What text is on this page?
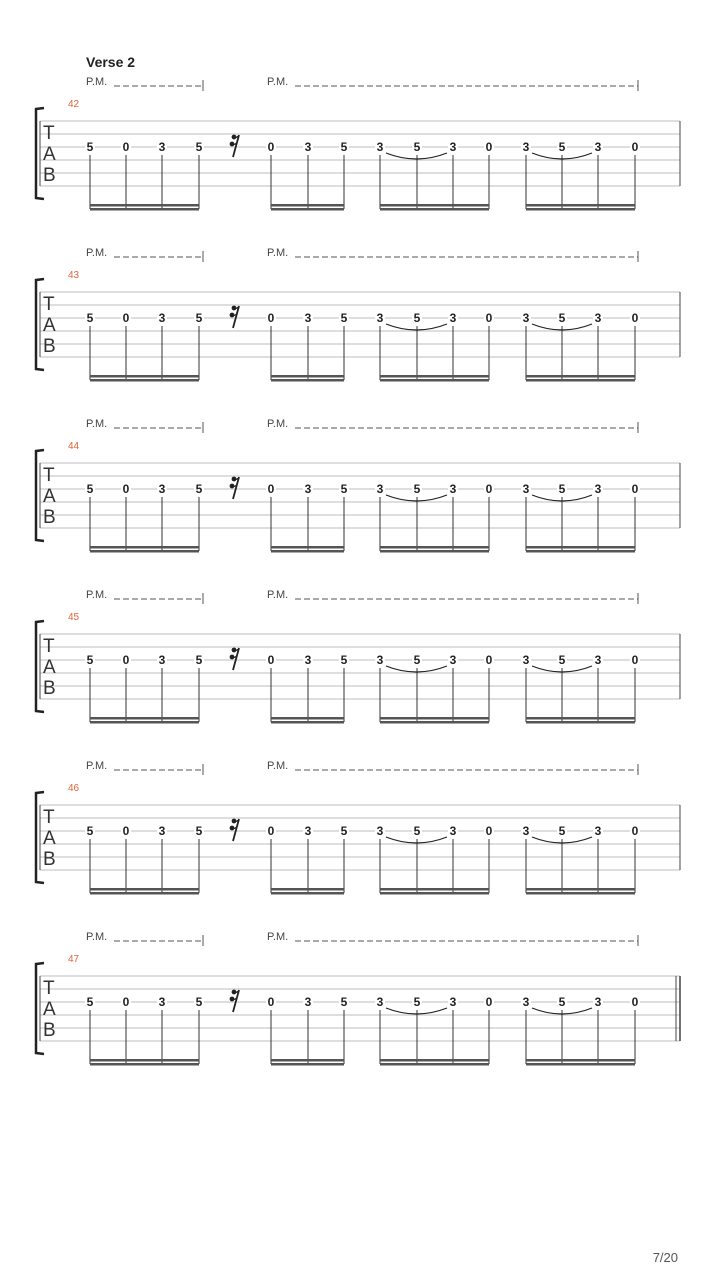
Verse 2
P.M.	P.M.
42
T
A
B
5 0 3	5	0	3 5 3	5 3 0	3 5 3	0
P.M.	P.M.
43
T
A
B
5 0 3	5	0	3 5 3	5 3 0	3 5 3	0
P.M.	P.M.
44
T
A
B
5 0 3	5	0	3 5 3	5 3 0	3 5 3	0
P.M.	P.M.
45
T
A
B
5 0 3	5	0	3 5 3	5 3 0	3 5 3	0
P.M.	P.M.
46
T
A
B
5 0 3	5	0	3 5 3	5 3 0	3 5 3	0
P.M.	P.M.
47
T
A
B
5 0 3	5	0	3 5 3	5 3 0	3 5 3	0
7/20
